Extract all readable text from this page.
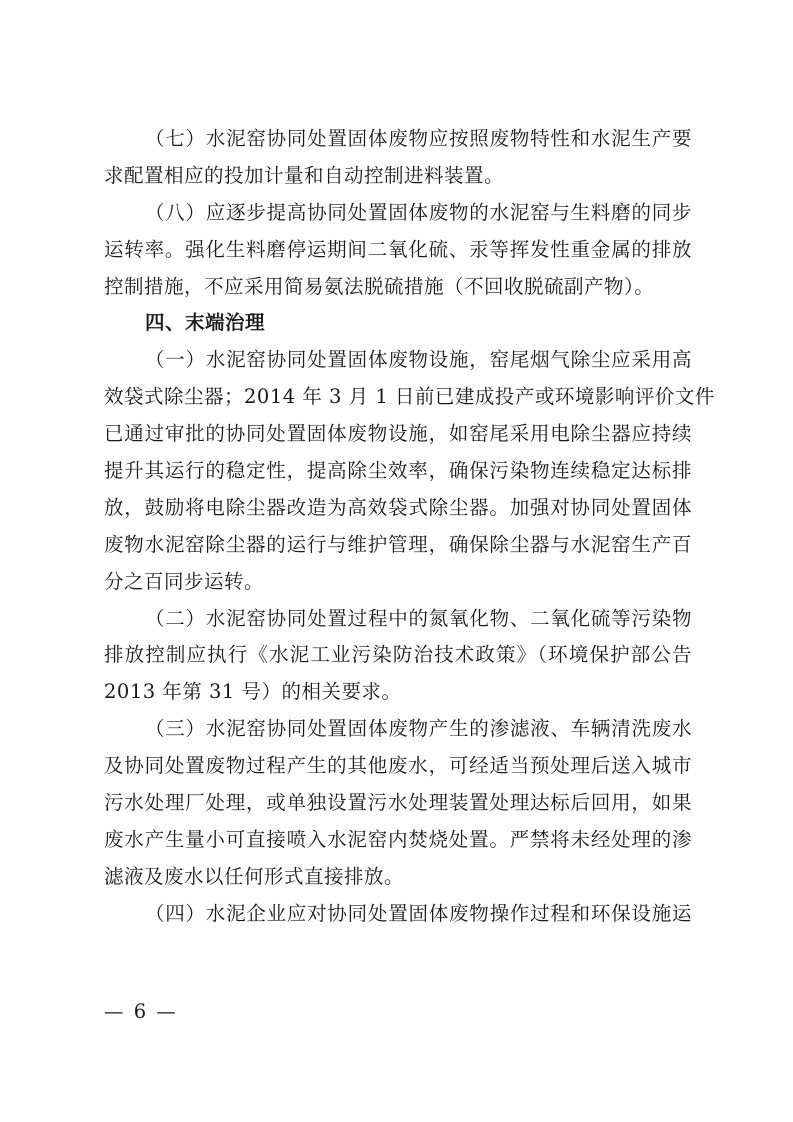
（七）水泥窑协同处置固体废物应按照废物特性和水泥生产要
求配置相应的投加计量和自动控制进料装置。
（八）应逐步提高协同处置固体废物的水泥窑与生料磨的同步
运转率。强化生料磨停运期间二氧化硫、汞等挥发性重金属的排放
控制措施，不应采用简易氨法脱硫措施（不回收脱硫副产物）。
四、末端治理
（一）水泥窑协同处置固体废物设施，窑尾烟气除尘应采用高
效袋式除尘器；2014 年 3 月 1 日前已建成投产或环境影响评价文件
已通过审批的协同处置固体废物设施，如窑尾采用电除尘器应持续
提升其运行的稳定性，提高除尘效率，确保污染物连续稳定达标排
放，鼓励将电除尘器改造为高效袋式除尘器。加强对协同处置固体
废物水泥窑除尘器的运行与维护管理，确保除尘器与水泥窑生产百
分之百同步运转。
（二）水泥窑协同处置过程中的氮氧化物、二氧化硫等污染物
排放控制应执行《水泥工业污染防治技术政策》（环境保护部公告
2013 年第 31 号）的相关要求。
（三）水泥窑协同处置固体废物产生的渗滤液、车辆清洗废水
及协同处置废物过程产生的其他废水，可经适当预处理后送入城市
污水处理厂处理，或单独设置污水处理装置处理达标后回用，如果
废水产生量小可直接喷入水泥窑内焚烧处置。严禁将未经处理的渗
滤液及废水以任何形式直接排放。
（四）水泥企业应对协同处置固体废物操作过程和环保设施运
— 6 —
